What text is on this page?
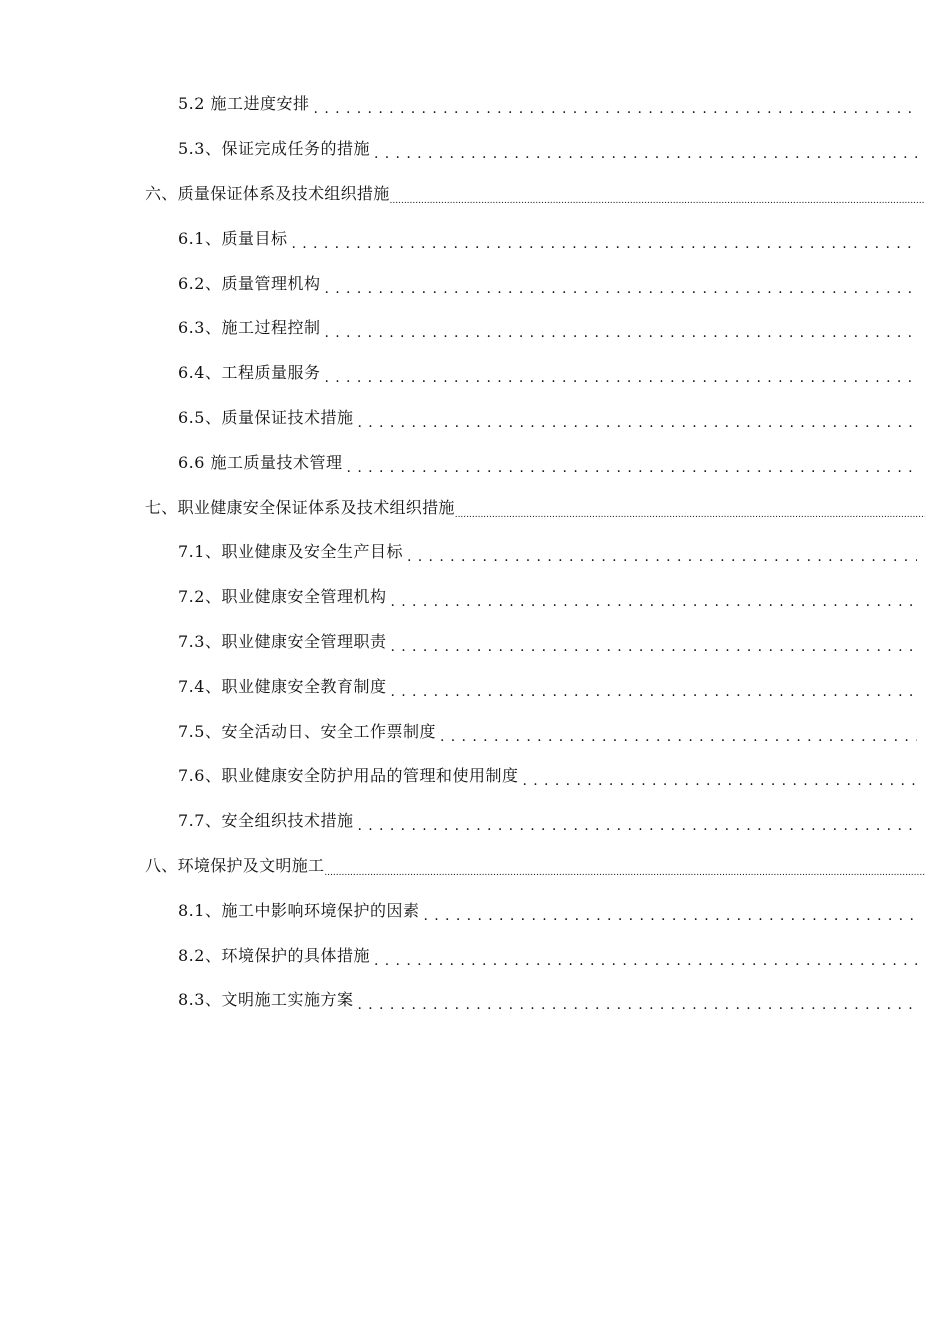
5.2 施工进度安排
. . .
5.3、保证完成任务的措施
. . .
六、质量保证体系及技术组织措施
.....
6.1、质量目标
. . .
6.2、质量管理机构
. . .
6.3、施工过程控制
. . .
6.4、工程质量服务
. . .
6.5、质量保证技术措施
. . .
6.6 施工质量技术管理
. . .
七、职业健康安全保证体系及技术组织措施
.....
7.1、职业健康及安全生产目标
. . .
7.2、职业健康安全管理机构
. . .
7.3、职业健康安全管理职责
. . .
7.4、职业健康安全教育制度
. . .
7.5、安全活动日、安全工作票制度
. . .
7.6、职业健康安全防护用品的管理和使用制度
. . .
7.7、安全组织技术措施
. . .
八、环境保护及文明施工
.....
8.1、施工中影响环境保护的因素
. . .
8.2、环境保护的具体措施
. . .
8.3、文明施工实施方案
. . .
